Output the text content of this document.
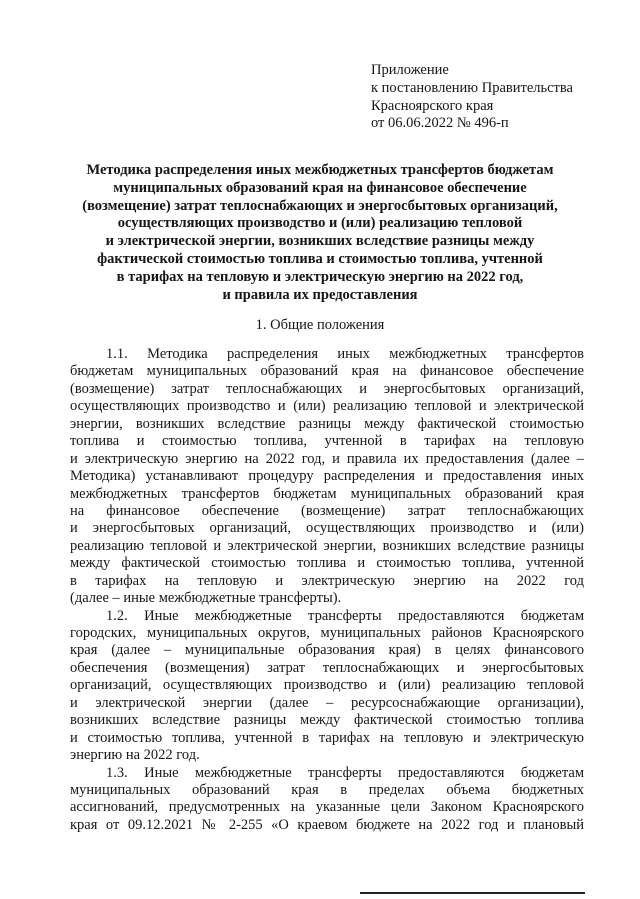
Приложение
к постановлению Правительства
Красноярского края
от 06.06.2022 № 496-п
Методика распределения иных межбюджетных трансфертов бюджетам
муниципальных образований края на финансовое обеспечение
(возмещение) затрат теплоснабжающих и энергосбытовых организаций,
осуществляющих производство и (или) реализацию тепловой
и электрической энергии, возникших вследствие разницы между
фактической стоимостью топлива и стоимостью топлива, учтенной
в тарифах на тепловую и электрическую энергию на 2022 год,
и правила их предоставления
1. Общие положения
1.1. Методика распределения иных межбюджетных трансфертов
бюджетам муниципальных образований края на финансовое обеспечение
(возмещение) затрат теплоснабжающих и энергосбытовых организаций,
осуществляющих производство и (или) реализацию тепловой и электрической
энергии, возникших вследствие разницы между фактической стоимостью
топлива и стоимостью топлива, учтенной в тарифах на тепловую
и электрическую энергию на 2022 год, и правила их предоставления (далее –
Методика) устанавливают процедуру распределения и предоставления иных
межбюджетных трансфертов бюджетам муниципальных образований края
на финансовое обеспечение (возмещение) затрат теплоснабжающих
и энергосбытовых организаций, осуществляющих производство и (или)
реализацию тепловой и электрической энергии, возникших вследствие разницы
между фактической стоимостью топлива и стоимостью топлива, учтенной
в тарифах на тепловую и электрическую энергию на 2022 год
(далее – иные межбюджетные трансферты).
1.2. Иные межбюджетные трансферты предоставляются бюджетам
городских, муниципальных округов, муниципальных районов Красноярского
края (далее – муниципальные образования края) в целях финансового
обеспечения (возмещения) затрат теплоснабжающих и энергосбытовых
организаций, осуществляющих производство и (или) реализацию тепловой
и электрической энергии (далее – ресурсоснабжающие организации),
возникших вследствие разницы между фактической стоимостью топлива
и стоимостью топлива, учтенной в тарифах на тепловую и электрическую
энергию на 2022 год.
1.3. Иные межбюджетные трансферты предоставляются бюджетам
муниципальных образований края в пределах объема бюджетных
ассигнований, предусмотренных на указанные цели Законом Красноярского
края от 09.12.2021 № 2-255 «О краевом бюджете на 2022 год и плановый
